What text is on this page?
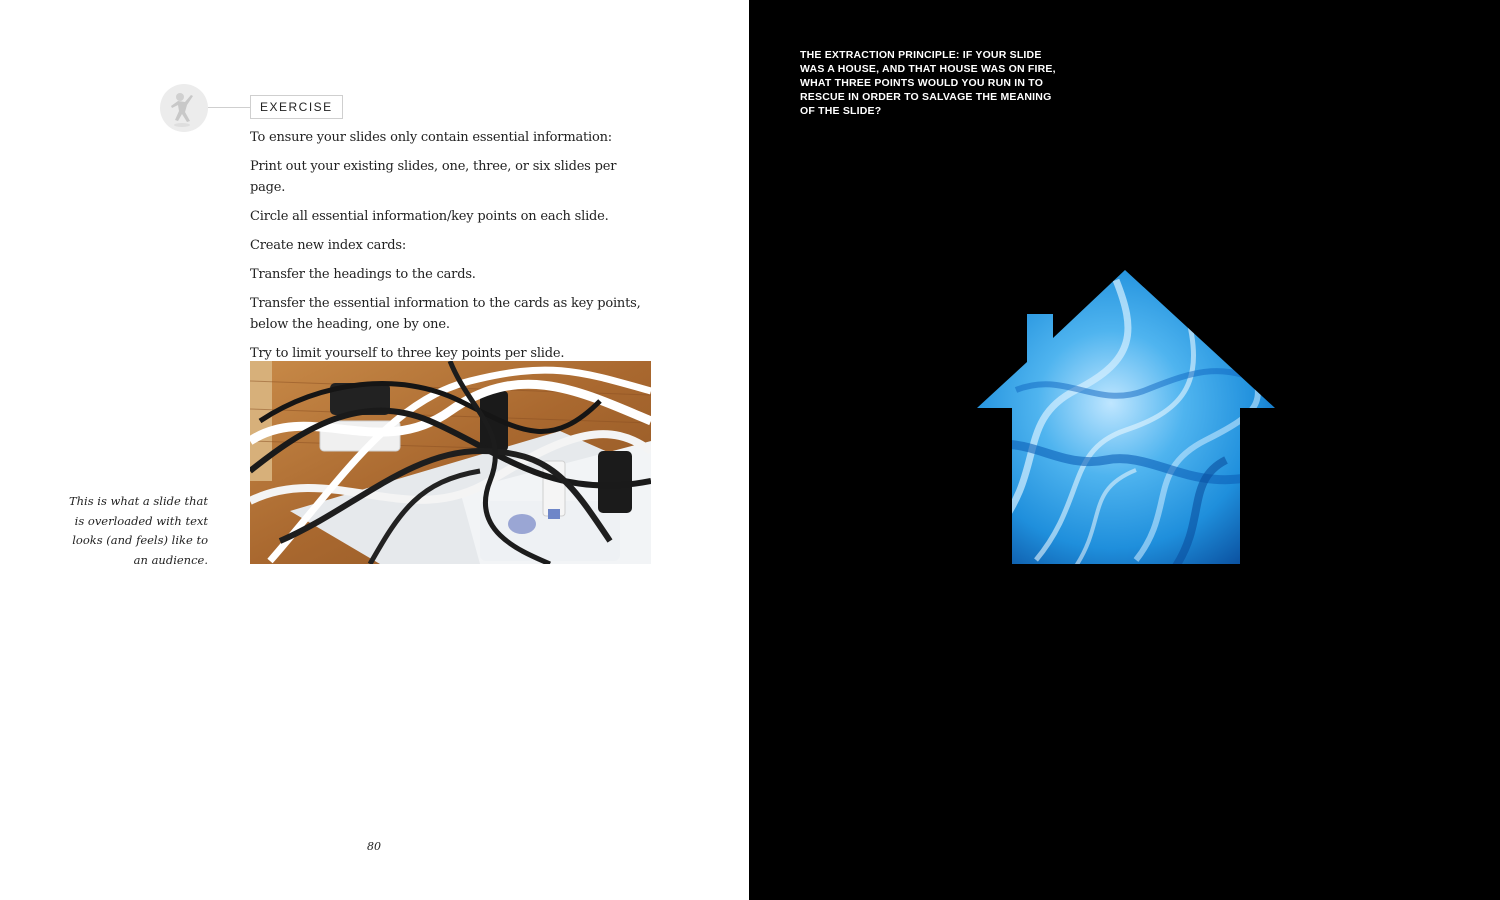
EXERCISE
To ensure your slides only contain essential information:
Print out your existing slides, one, three, or six slides per page.
Circle all essential information/key points on each slide.
Create new index cards:
Transfer the headings to the cards.
Transfer the essential information to the cards as key points, below the heading, one by one.
Try to limit yourself to three key points per slide.
This is what a slide that is overloaded with text looks (and feels) like to an audience.
80

THE EXTRACTION PRINCIPLE: IF YOUR SLIDE WAS A HOUSE, AND THAT HOUSE WAS ON FIRE, WHAT THREE POINTS WOULD YOU RUN IN TO RESCUE IN ORDER TO SALVAGE THE MEANING OF THE SLIDE?
